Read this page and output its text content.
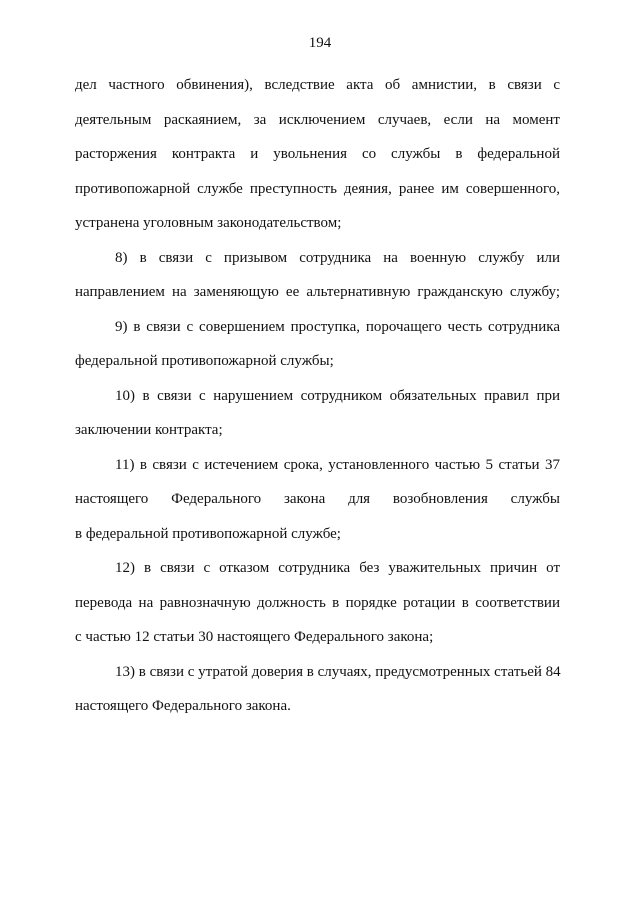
194
дел частного обвинения), вследствие акта об амнистии, в связи с
деятельным раскаянием, за исключением случаев, если на момент
расторжения контракта и увольнения со службы в федеральной
противопожарной службе преступность деяния, ранее им совершенного,
устранена уголовным законодательством;
8) в связи с призывом сотрудника на военную службу или
направлением на заменяющую ее альтернативную гражданскую службу;
9) в связи с совершением проступка, порочащего честь сотрудника
федеральной противопожарной службы;
10) в связи с нарушением сотрудником обязательных правил при
заключении контракта;
11) в связи с истечением срока, установленного частью 5 статьи 37
настоящего Федерального закона для возобновления службы
в федеральной противопожарной службе;
12) в связи с отказом сотрудника без уважительных причин от
перевода на равнозначную должность в порядке ротации в соответствии
с частью 12 статьи 30 настоящего Федерального закона;
13) в связи с утратой доверия в случаях, предусмотренных статьей 84
настоящего Федерального закона.
